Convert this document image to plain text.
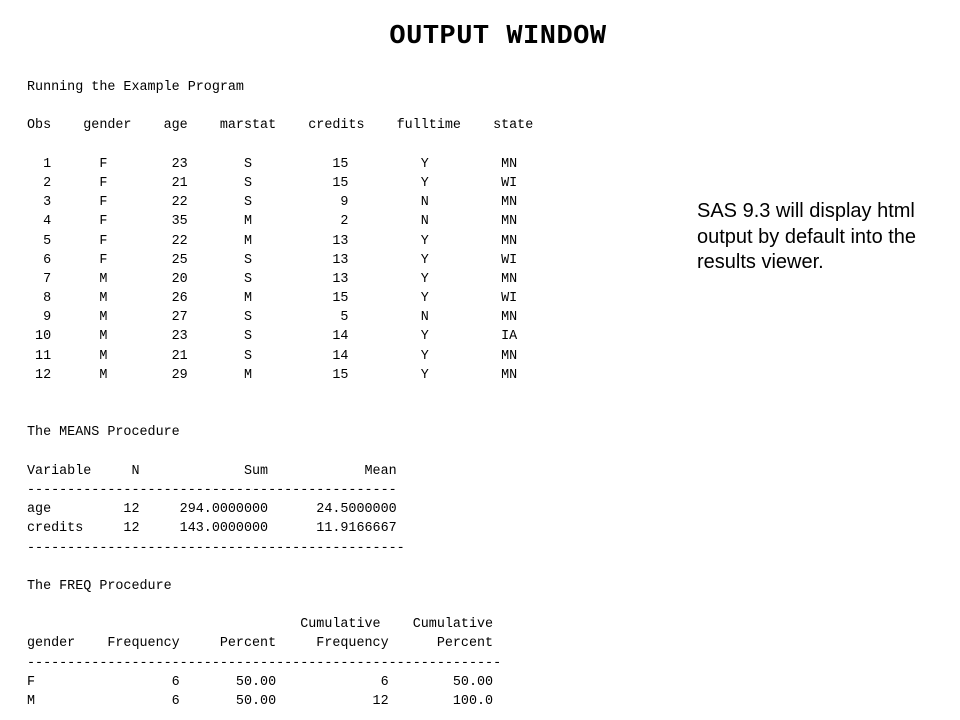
OUTPUT WINDOW
Running the Example Program
Obs    gender    age    marstat    credits    fulltime    state
1      F        23       S          15         Y         MN
2      F        21       S          15         Y         WI
3      F        22       S           9         N         MN
4      F        35       M           2         N         MN
5      F        22       M          13         Y         MN
6      F        25       S          13         Y         WI
7      M        20       S          13         Y         MN
8      M        26       M          15         Y         WI
9      M        27       S           5         N         MN
10      M        23       S          14         Y         IA
11      M        21       S          14         Y         MN
12      M        29       M          15         Y         MN
The MEANS Procedure
Variable     N             Sum            Mean
----------------------------------------------
age         12     294.0000000      24.5000000
credits     12     143.0000000      11.9166667
-----------------------------------------------
The FREQ Procedure
Cumulative    Cumulative
gender    Frequency     Percent     Frequency      Percent
-----------------------------------------------------------
F                 6       50.00             6        50.00
M                 6       50.00            12        100.0
SAS 9.3 will display html output by default into the results viewer.
